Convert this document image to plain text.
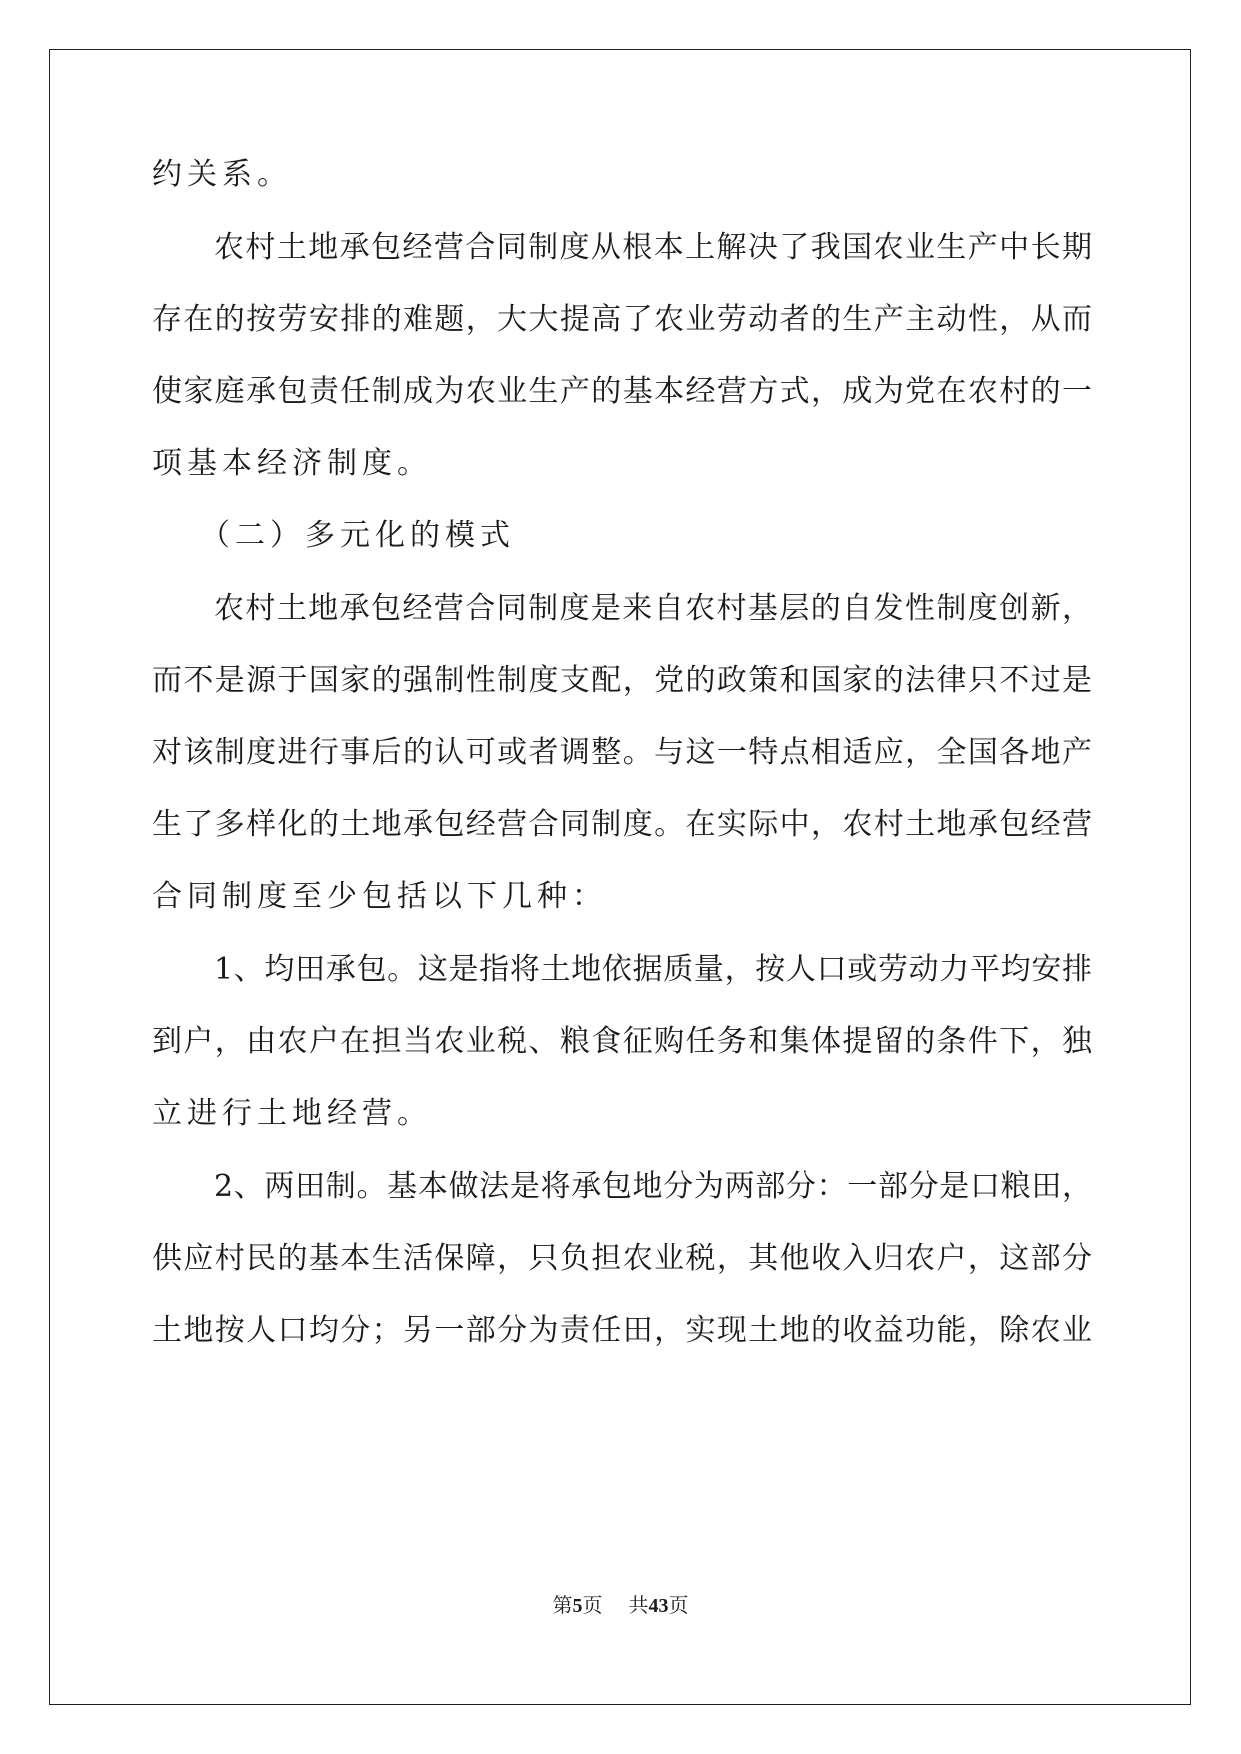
约关系。
农村土地承包经营合同制度从根本上解决了我国农业生产中长期
存在的按劳安排的难题，大大提高了农业劳动者的生产主动性，从而
使家庭承包责任制成为农业生产的基本经营方式，成为党在农村的一
项基本经济制度。
（二）多元化的模式
农村土地承包经营合同制度是来自农村基层的自发性制度创新，
而不是源于国家的强制性制度支配，党的政策和国家的法律只不过是
对该制度进行事后的认可或者调整。与这一特点相适应，全国各地产
生了多样化的土地承包经营合同制度。在实际中，农村土地承包经营
合同制度至少包括以下几种：
1、均田承包。这是指将土地依据质量，按人口或劳动力平均安排
到户，由农户在担当农业税、粮食征购任务和集体提留的条件下，独
立进行土地经营。
2、两田制。基本做法是将承包地分为两部分：一部分是口粮田，
供应村民的基本生活保障，只负担农业税，其他收入归农户，这部分
土地按人口均分；另一部分为责任田，实现土地的收益功能，除农业
第5页 共43页
